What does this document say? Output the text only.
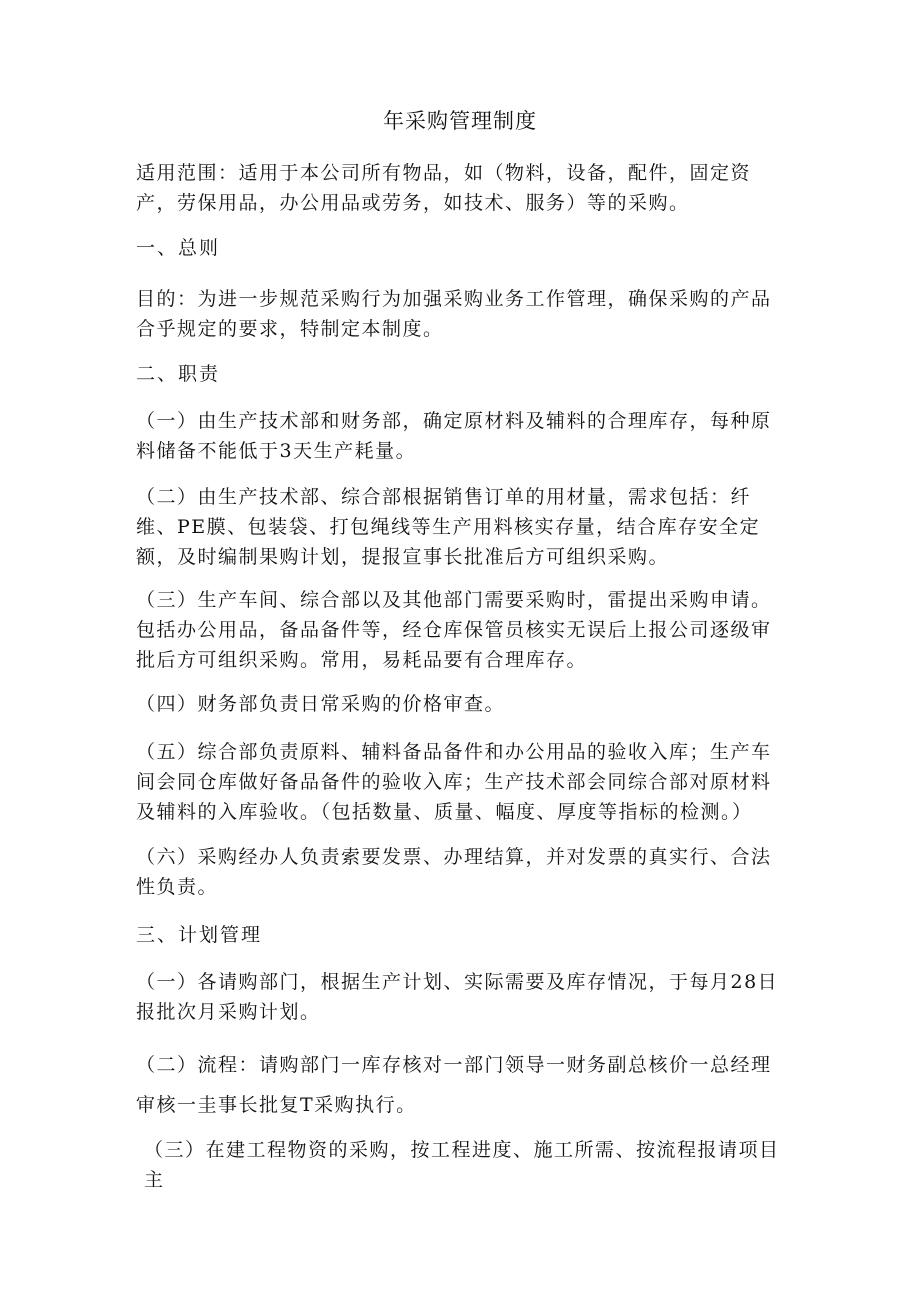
年采购管理制度
适用范围：适用于本公司所有物品，如（物料，设备，配件，固定资产，劳保用品，办公用品或劳务，如技术、服务）等的采购。
一、总则
目的：为进一步规范采购行为加强采购业务工作管理，确保采购的产品合乎规定的要求，特制定本制度。
二、职责
（一）由生产技术部和财务部，确定原材料及辅料的合理库存，每种原料储备不能低于3天生产耗量。
（二）由生产技术部、综合部根据销售订单的用材量，需求包括：纤维、PE膜、包装袋、打包绳线等生产用料核实存量，结合库存安全定额，及时编制果购计划，提报宣事长批准后方可组织采购。
（三）生产车间、综合部以及其他部门需要采购时，雷提出采购申请。包括办公用品，备品备件等，经仓库保管员核实无误后上报公司逐级审批后方可组织采购。常用，易耗品要有合理库存。
（四）财务部负责日常采购的价格审查。
（五）综合部负责原料、辅料备品备件和办公用品的验收入库；生产车间会同仓库做好备品备件的验收入库；生产技术部会同综合部对原材料及辅料的入库验收。（包括数量、质量、幅度、厚度等指标的检测。）
（六）采购经办人负责索要发票、办理结算，并对发票的真实行、合法性负责。
三、计划管理
（一）各请购部门，根据生产计划、实际需要及库存情况，于每月28日报批次月采购计划。
（二）流程：请购部门一库存核对一部门领导一财务副总核价一总经理审核一圭事长批复T采购执行。
（三）在建工程物资的采购，按工程进度、施工所需、按流程报请项目主
